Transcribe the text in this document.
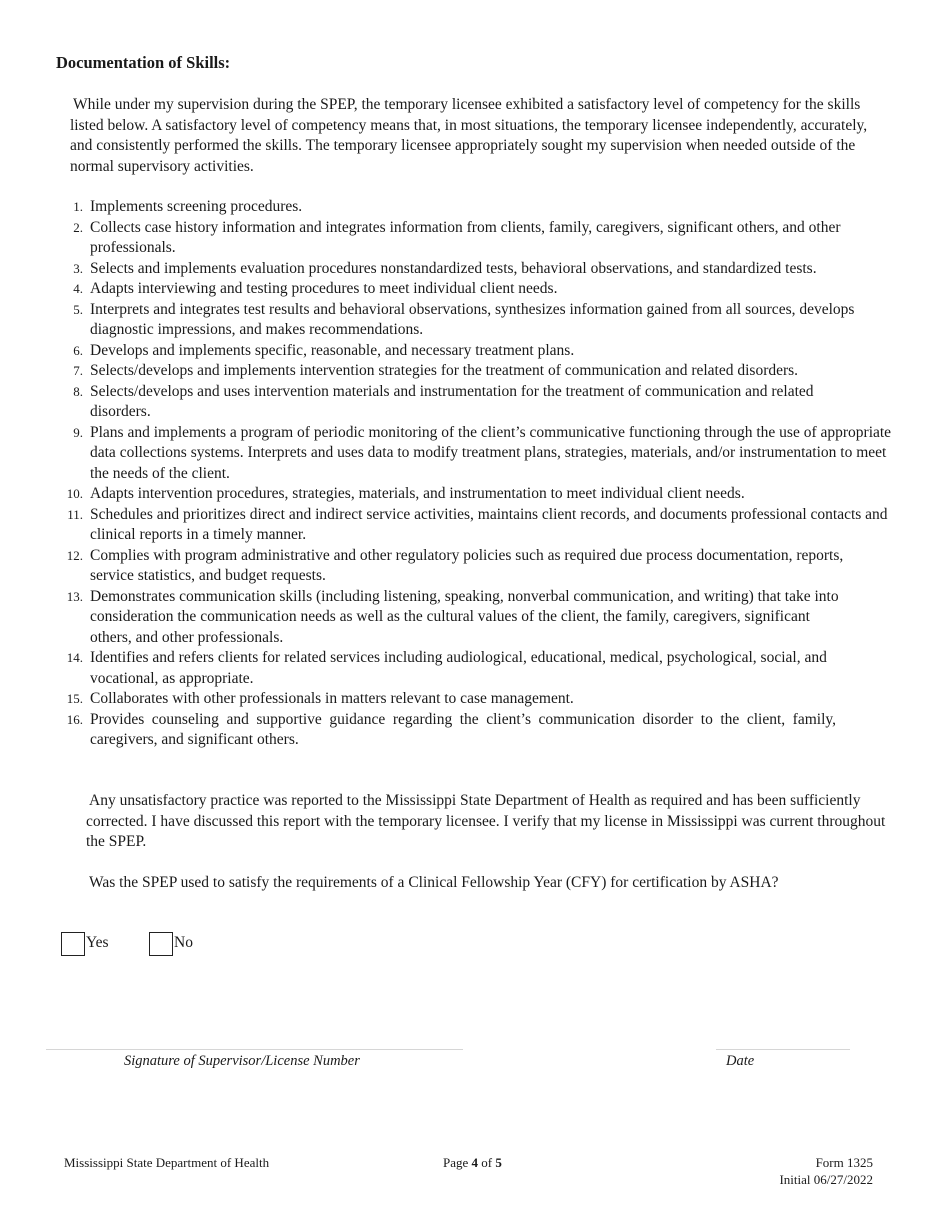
Documentation of Skills:
While under my supervision during the SPEP, the temporary licensee exhibited a satisfactory level of competency for the skills listed below. A satisfactory level of competency means that, in most situations, the temporary licensee independently, accurately, and consistently performed the skills. The temporary licensee appropriately sought my supervision when needed outside of the normal supervisory activities.
1. Implements screening procedures.
2. Collects case history information and integrates information from clients, family, caregivers, significant others, and other professionals.
3. Selects and implements evaluation procedures nonstandardized tests, behavioral observations, and standardized tests.
4. Adapts interviewing and testing procedures to meet individual client needs.
5. Interprets and integrates test results and behavioral observations, synthesizes information gained from all sources, develops diagnostic impressions, and makes recommendations.
6. Develops and implements specific, reasonable, and necessary treatment plans.
7. Selects/develops and implements intervention strategies for the treatment of communication and related disorders.
8. Selects/develops and uses intervention materials and instrumentation for the treatment of communication and related disorders.
9. Plans and implements a program of periodic monitoring of the client’s communicative functioning through the use of appropriate data collections systems. Interprets and uses data to modify treatment plans, strategies, materials, and/or instrumentation to meet the needs of the client.
10. Adapts intervention procedures, strategies, materials, and instrumentation to meet individual client needs.
11. Schedules and prioritizes direct and indirect service activities, maintains client records, and documents professional contacts and clinical reports in a timely manner.
12. Complies with program administrative and other regulatory policies such as required due process documentation, reports, service statistics, and budget requests.
13. Demonstrates communication skills (including listening, speaking, nonverbal communication, and writing) that take into consideration the communication needs as well as the cultural values of the client, the family, caregivers, significant others, and other professionals.
14. Identifies and refers clients for related services including audiological, educational, medical, psychological, social, and vocational, as appropriate.
15. Collaborates with other professionals in matters relevant to case management.
16. Provides counseling and supportive guidance regarding the client’s communication disorder to the client, family, caregivers, and significant others.
Any unsatisfactory practice was reported to the Mississippi State Department of Health as required and has been sufficiently corrected. I have discussed this report with the temporary licensee. I verify that my license in Mississippi was current throughout the SPEP.
Was the SPEP used to satisfy the requirements of a Clinical Fellowship Year (CFY) for certification by ASHA?
Yes	No
Signature of Supervisor/License Number	Date
Mississippi State Department of Health	Page 4 of 5	Form 1325
Initial 06/27/2022
